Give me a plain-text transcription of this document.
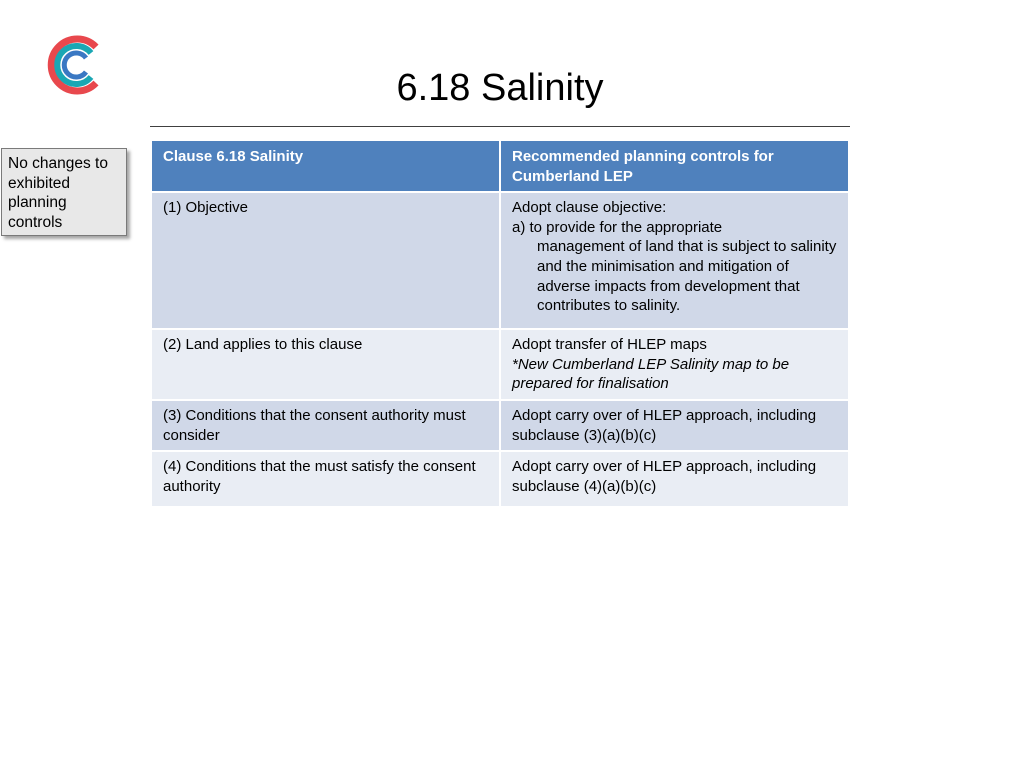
6.18 Salinity
No changes to
exhibited
planning
controls
Clause 6.18 Salinity	Recommended planning controls for Cumberland LEP
(1) Objective	Adopt clause objective:
a) to provide for the appropriate
management of land that is subject to salinity and the minimisation and mitigation of adverse impacts from development that contributes to salinity.

(2) Land applies to this clause	Adopt transfer of HLEP maps
*New Cumberland LEP Salinity map to be prepared for finalisation

(3) Conditions that the consent authority must consider	Adopt carry over of HLEP approach, including subclause (3)(a)(b)(c)
(4) Conditions that the must satisfy the consent authority	Adopt carry over of HLEP approach, including subclause (4)(a)(b)(c)
